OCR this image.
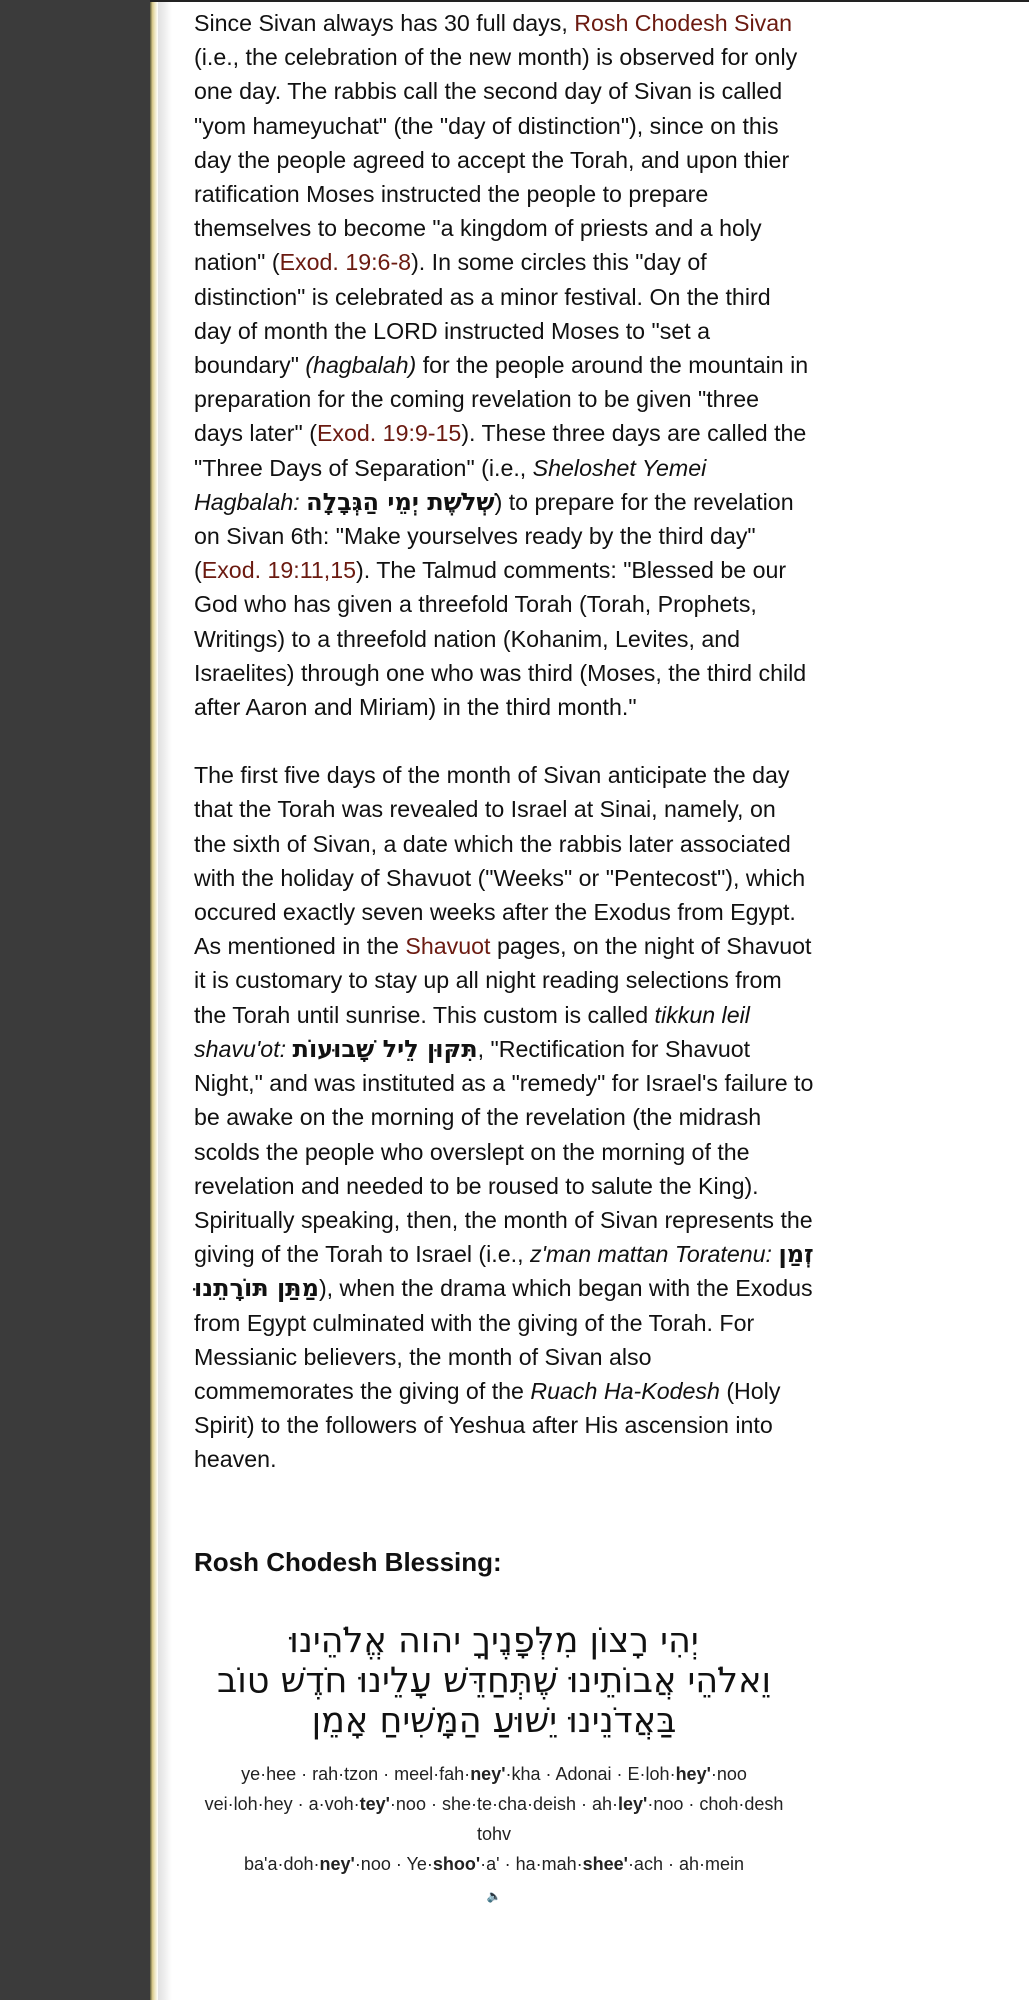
Since Sivan always has 30 full days, Rosh Chodesh Sivan (i.e., the celebration of the new month) is observed for only one day. The rabbis call the second day of Sivan is called "yom hameyuchat" (the "day of distinction"), since on this day the people agreed to accept the Torah, and upon thier ratification Moses instructed the people to prepare themselves to become "a kingdom of priests and a holy nation" (Exod. 19:6-8). In some circles this "day of distinction" is celebrated as a minor festival. On the third day of month the LORD instructed Moses to "set a boundary" (hagbalah) for the people around the mountain in preparation for the coming revelation to be given "three days later" (Exod. 19:9-15). These three days are called the "Three Days of Separation" (i.e., Sheloshet Yemei Hagbalah: שְׁלֹשֶׁת יְמֵי הַגְּבָלָה) to prepare for the revelation on Sivan 6th: "Make yourselves ready by the third day" (Exod. 19:11,15). The Talmud comments: "Blessed be our God who has given a threefold Torah (Torah, Prophets, Writings) to a threefold nation (Kohanim, Levites, and Israelites) through one who was third (Moses, the third child after Aaron and Miriam) in the third month."

The first five days of the month of Sivan anticipate the day that the Torah was revealed to Israel at Sinai, namely, on the sixth of Sivan, a date which the rabbis later associated with the holiday of Shavuot ("Weeks" or "Pentecost"), which occured exactly seven weeks after the Exodus from Egypt. As mentioned in the Shavuot pages, on the night of Shavuot it is customary to stay up all night reading selections from the Torah until sunrise. This custom is called tikkun leil shavu'ot: תִּקּוּן לֵיל שָׁבוּעוֹת, "Rectification for Shavuot Night," and was instituted as a "remedy" for Israel's failure to be awake on the morning of the revelation (the midrash scolds the people who overslept on the morning of the revelation and needed to be roused to salute the King). Spiritually speaking, then, the month of Sivan represents the giving of the Torah to Israel (i.e., z'man mattan Toratenu: זְמַן מַתַּן תּוֹרָתֵנוּ), when the drama which began with the Exodus from Egypt culminated with the giving of the Torah. For Messianic believers, the month of Sivan also commemorates the giving of the Ruach Ha-Kodesh (Holy Spirit) to the followers of Yeshua after His ascension into heaven.

Rosh Chodesh Blessing:
יְהִי רָצוֹן מִלְּפָנֶיךָ יהוה אֱלֹהֵינוּ
וֵאלֹהֵי אֲבוֹתֵינוּ שֶׁתְּחַדֵּשׁ עָלֵינוּ חֹדֶשׁ טוֹב
בַּאֲדֹנֵינוּ יֵשׁוּעַ הַמָּשִׁיחַ אָמֵן
ye·hee · rah·tzon · meel·fah·ney'·kha · Adonai · E·loh·hey'·noo
vei·loh·hey · a·voh·tey'·noo · she·te·cha·deish · ah·ley'·noo · choh·desh tohv
ba'a·doh·ney'·noo · Ye·shoo'·a' · ha·mah·shee'·ach · ah·mein
🔈
